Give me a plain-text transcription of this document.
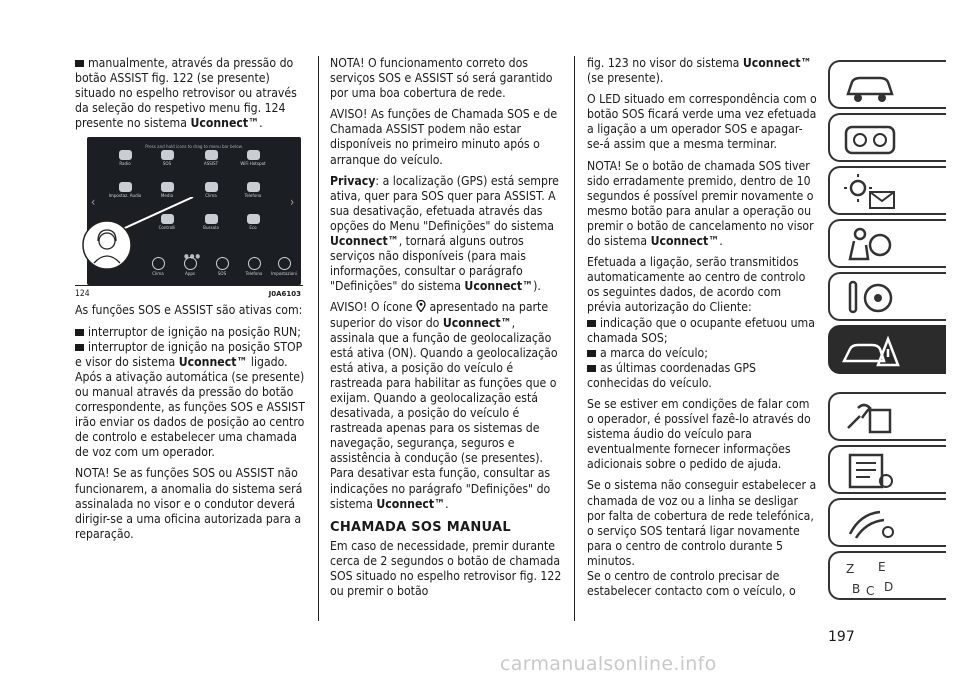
manualmente, através da pressão do botão ASSIST fig. 122 (se presente) situado no espelho retrovisor ou através da seleção do respetivo menu fig. 124 presente no sistema Uconnect™.

Press and hold icons to drag to menu bar below.
‹	›
Radio	SOS	ASSIST	WiFi Hotspot
Impostaz. Audio	Media	Clima	Telefono
Controlli	Bussola	Eco
●●●
Clima	Apps	SOS	Telefono	Impostazioni
124	J0A6103

As funções SOS e ASSIST são ativas com:

interruptor de ignição na posição RUN;

interruptor de ignição na posição STOP e visor do sistema Uconnect™ ligado.

Após a ativação automática (se presente) ou manual através da pressão do botão correspondente, as funções SOS e ASSIST irão enviar os dados de posição ao centro de controlo e estabelecer uma chamada de voz com um operador.

NOTA! Se as funções SOS ou ASSIST não funcionarem, a anomalia do sistema será assinalada no visor e o condutor deverá dirigir-se a uma oficina autorizada para a reparação.

NOTA! O funcionamento correto dos serviços SOS e ASSIST só será garantido por uma boa cobertura de rede.

AVISO! As funções de Chamada SOS e de Chamada ASSIST podem não estar disponíveis no primeiro minuto após o arranque do veículo.

Privacy: a localização (GPS) está sempre ativa, quer para SOS quer para ASSIST. A sua desativação, efetuada através das opções do Menu "Definições" do sistema Uconnect™, tornará alguns outros serviços não disponíveis (para mais informações, consultar o parágrafo "Definições" do sistema Uconnect™).

AVISO! O ícone  apresentado na parte superior do visor do Uconnect™, assinala que a função de geolocalização está ativa (ON). Quando a geolocalização está ativa, a posição do veículo é rastreada para habilitar as funções que o exijam. Quando a geolocalização está desativada, a posição do veículo é rastreada apenas para os sistemas de navegação, segurança, seguros e assistência à condução (se presentes). Para desativar esta função, consultar as indicações no parágrafo "Definições" do sistema Uconnect™.

CHAMADA SOS MANUAL

Em caso de necessidade, premir durante cerca de 2 segundos o botão de chamada SOS situado no espelho retrovisor fig. 122 ou premir o botão

fig. 123 no visor do sistema Uconnect™ (se presente).

O LED situado em correspondência com o botão SOS ficará verde uma vez efetuada a ligação a um operador SOS e apagar-se-á assim que a mesma terminar.

NOTA! Se o botão de chamada SOS tiver sido erradamente premido, dentro de 10 segundos é possível premir novamente o mesmo botão para anular a operação ou premir o botão de cancelamento no visor do sistema Uconnect™.

Efetuada a ligação, serão transmitidos automaticamente ao centro de controlo os seguintes dados, de acordo com prévia autorização do Cliente:

indicação que o ocupante efetuou uma chamada SOS;

a marca do veículo;

as últimas coordenadas GPS conhecidas do veículo.

Se se estiver em condições de falar com o operador, é possível fazê-lo através do sistema áudio do veículo para eventualmente fornecer informações adicionais sobre o pedido de ajuda.

Se o sistema não conseguir estabelecer a chamada de voz ou a linha se desligar por falta de cobertura de rede telefónica, o serviço SOS tentará ligar novamente para o centro de controlo durante 5 minutos.

Se o centro de controlo precisar de estabelecer contacto com o veículo, o

Z E
B C D
197
carmanualsonline.info
